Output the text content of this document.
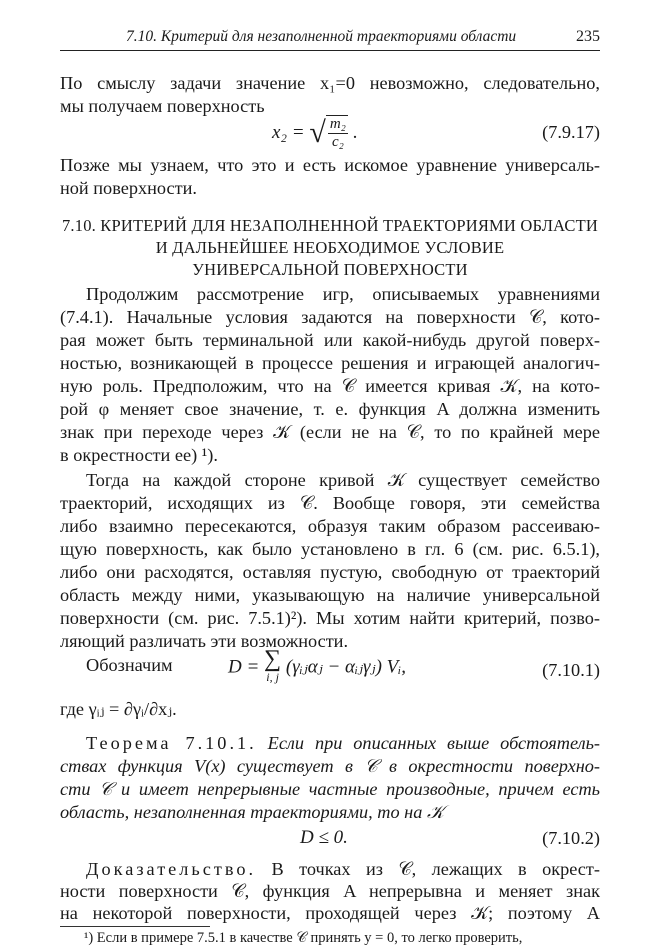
7.10. Критерий для незаполненной траекториями области	235
По смыслу задачи значение x₁=0 невозможно, следовательно,
мы получаем поверхность
x₂ = √ $\frac{\text{m₂}}{\text{c₂}}$ .	(7.9.17)
Позже мы узнаем, что это и есть искомое уравнение универсаль-
ной поверхности.
7.10. КРИТЕРИЙ ДЛЯ НЕЗАПОЛНЕННОЙ ТРАЕКТОРИЯМИ ОБЛАСТИ
И ДАЛЬНЕЙШЕЕ НЕОБХОДИМОЕ УСЛОВИЕ
УНИВЕРСАЛЬНОЙ ПОВЕРХНОСТИ
Продолжим рассмотрение игр, описываемых уравнениями
(7.4.1). Начальные условия задаются на поверхности 𝒞, кото-
рая может быть терминальной или какой-нибудь другой поверх-
ностью, возникающей в процессе решения и играющей аналогич-
ную роль. Предположим, что на 𝒞 имеется кривая 𝒦, на кото-
рой φ меняет свое значение, т. е. функция A должна изменить
знак при переходе через 𝒦 (если не на 𝒞, то по крайней мере
в окрестности ее) ¹).
Тогда на каждой стороне кривой 𝒦 существует семейство
траекторий, исходящих из 𝒞. Вообще говоря, эти семейства
либо взаимно пересекаются, образуя таким образом рассеиваю-
щую поверхность, как было установлено в гл. 6 (см. рис. 6.5.1),
либо они расходятся, оставляя пустую, свободную от траекторий
область между ними, указывающую на наличие универсальной
поверхности (см. рис. 7.5.1)²). Мы хотим найти критерий, позво-
ляющий различать эти возможности.
Обозначим	D = ∑
i, j (γᵢⱼαⱼ − αᵢⱼγⱼ) Vᵢ,	(7.10.1)
где γᵢⱼ = ∂γᵢ/∂xⱼ.
Теорема 7.10.1. Если при описанных выше обстоятель-
ствах функция V(x) существует в 𝒞 в окрестности поверхно-
сти 𝒞 и имеет непрерывные частные производные, причем есть
область, незаполненная траекториями, то на 𝒦
D ≤ 0.	(7.10.2)
Доказательство. В точках из 𝒞, лежащих в окрест-
ности поверхности 𝒞, функция A непрерывна и меняет знак
на некоторой поверхности, проходящей через 𝒦; поэтому A
¹) Если в примере 7.5.1 в качестве 𝒞 принять y = 0, то легко проверить,
